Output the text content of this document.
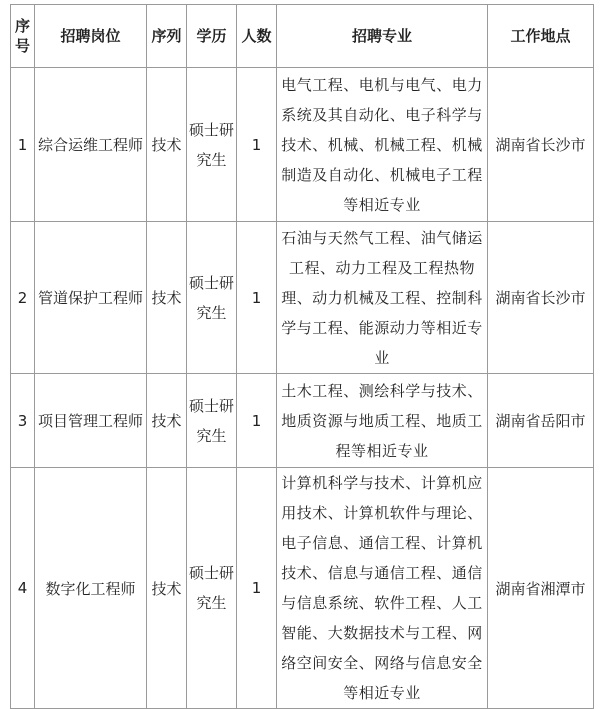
序号	招聘岗位	序列	学历	人数	招聘专业	工作地点
1	综合运维工程师	技术	硕士研究生	1	电气工程、电机与电气、电力系统及其自动化、电子科学与技术、机械、机械工程、机械制造及自动化、机械电子工程等相近专业	湖南省长沙市
2	管道保护工程师	技术	硕士研究生	1	石油与天然气工程、油气储运工程、动力工程及工程热物理、动力机械及工程、控制科学与工程、能源动力等相近专业	湖南省长沙市
3	项目管理工程师	技术	硕士研究生	1	土木工程、测绘科学与技术、地质资源与地质工程、地质工程等相近专业	湖南省岳阳市
4	数字化工程师	技术	硕士研究生	1	计算机科学与技术、计算机应用技术、计算机软件与理论、电子信息、通信工程、计算机技术、信息与通信工程、通信与信息系统、软件工程、人工智能、大数据技术与工程、网络空间安全、网络与信息安全等相近专业	湖南省湘潭市
